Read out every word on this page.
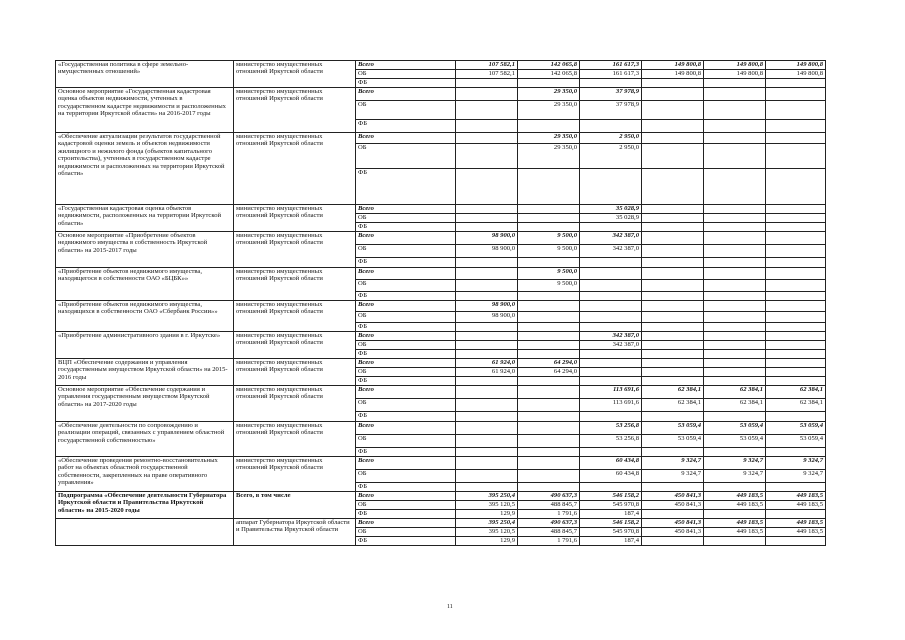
«Государственная политика в сфере земельно-имущественных отношений»	министерство имущественных отношений Иркутской области	Всего	107 582,1	142 065,8	161 617,3	149 800,8	149 800,8	149 800,8
		ОБ	107 582,1	142 065,8	161 617,3	149 800,8	149 800,8	149 800,8
		ФБ						
Основное мероприятие «Государственная кадастровая оценка объектов недвижимости, учтенных в государственном кадастре недвижимости и расположенных на территории Иркутской области» на 2016-2017 годы	министерство имущественных отношений Иркутской области	Всего		29 350,0	37 978,9			
		ОБ		29 350,0	37 978,9			
		ФБ						
«Обеспечение актуализации результатов государственной кадастровой оценки земель и объектов недвижимости жилищного и нежилого фонда (объектов капитального строительства), учтенных в государственном кадастре недвижимости и расположенных на территории Иркутской области»	министерство имущественных отношений Иркутской области	Всего		29 350,0	2 950,0			
		ОБ		29 350,0	2 950,0			
		ФБ						
«Государственная кадастровая оценка объектов недвижимости, расположенных на территории Иркутской области»	министерство имущественных отношений Иркутской области	Всего			35 028,9			
		ОБ			35 028,9			
		ФБ						
Основное мероприятие «Приобретение объектов недвижимого имущества в собственность Иркутской области» на 2015-2017 годы	министерство имущественных отношений Иркутской области	Всего	98 900,0	9 500,0	342 387,0			
		ОБ	98 900,0	9 500,0	342 387,0			
		ФБ						
«Приобретение объектов недвижимого имущества, находящегося в собственности ОАО «БЦБК»»	министерство имущественных отношений Иркутской области	Всего		9 500,0				
		ОБ		9 500,0				
		ФБ						
«Приобретение объектов недвижимого имущества, находящихся в собственности ОАО «Сбербанк России»»	министерство имущественных отношений Иркутской области	Всего	98 900,0					
		ОБ	98 900,0					
		ФБ						
«Приобретение административного здания в г. Иркутске»	министерство имущественных отношений Иркутской области	Всего			342 387,0			
		ОБ			342 387,0			
		ФБ						
ВЦП «Обеспечение содержания и управления государственным имуществом Иркутской области» на 2015-2016 годы	министерство имущественных отношений Иркутской области	Всего	61 924,0	64 294,0				
		ОБ	61 924,0	64 294,0				
		ФБ						
Основное мероприятие «Обеспечение содержания и управления государственным имуществом Иркутской области» на 2017-2020 годы	министерство имущественных отношений Иркутской области	Всего			113 691,6	62 384,1	62 384,1	62 384,1
		ОБ			113 691,6	62 384,1	62 384,1	62 384,1
		ФБ						
«Обеспечение деятельности по сопровождению и реализации операций, связанных с управлением областной государственной собственностью»	министерство имущественных отношений Иркутской области	Всего			53 256,8	53 059,4	53 059,4	53 059,4
		ОБ			53 256,8	53 059,4	53 059,4	53 059,4
		ФБ						
«Обеспечение проведения ремонтно-восстановительных работ на объектах областной государственной собственности, закрепленных на праве оперативного управления»	министерство имущественных отношений Иркутской области	Всего			60 434,8	9 324,7	9 324,7	9 324,7
		ОБ			60 434,8	9 324,7	9 324,7	9 324,7
		ФБ						
Подпрограмма «Обеспечение деятельности Губернатора Иркутской области и Правительства Иркутской области» на 2015-2020 годы	Всего, в том числе	Всего	395 250,4	490 637,3	546 158,2	450 841,3	449 183,5	449 183,5
		ОБ	395 120,5	488 845,7	545 970,8	450 841,3	449 183,5	449 183,5
		ФБ	129,9	1 791,6	187,4			
	аппарат Губернатора Иркутской области и Правительства Иркутской области	Всего	395 250,4	490 637,3	546 158,2	450 841,3	449 183,5	449 183,5
		ОБ	395 120,5	488 845,7	545 970,8	450 841,3	449 183,5	449 183,5
		ФБ	129,9	1 791,6	187,4			
11
